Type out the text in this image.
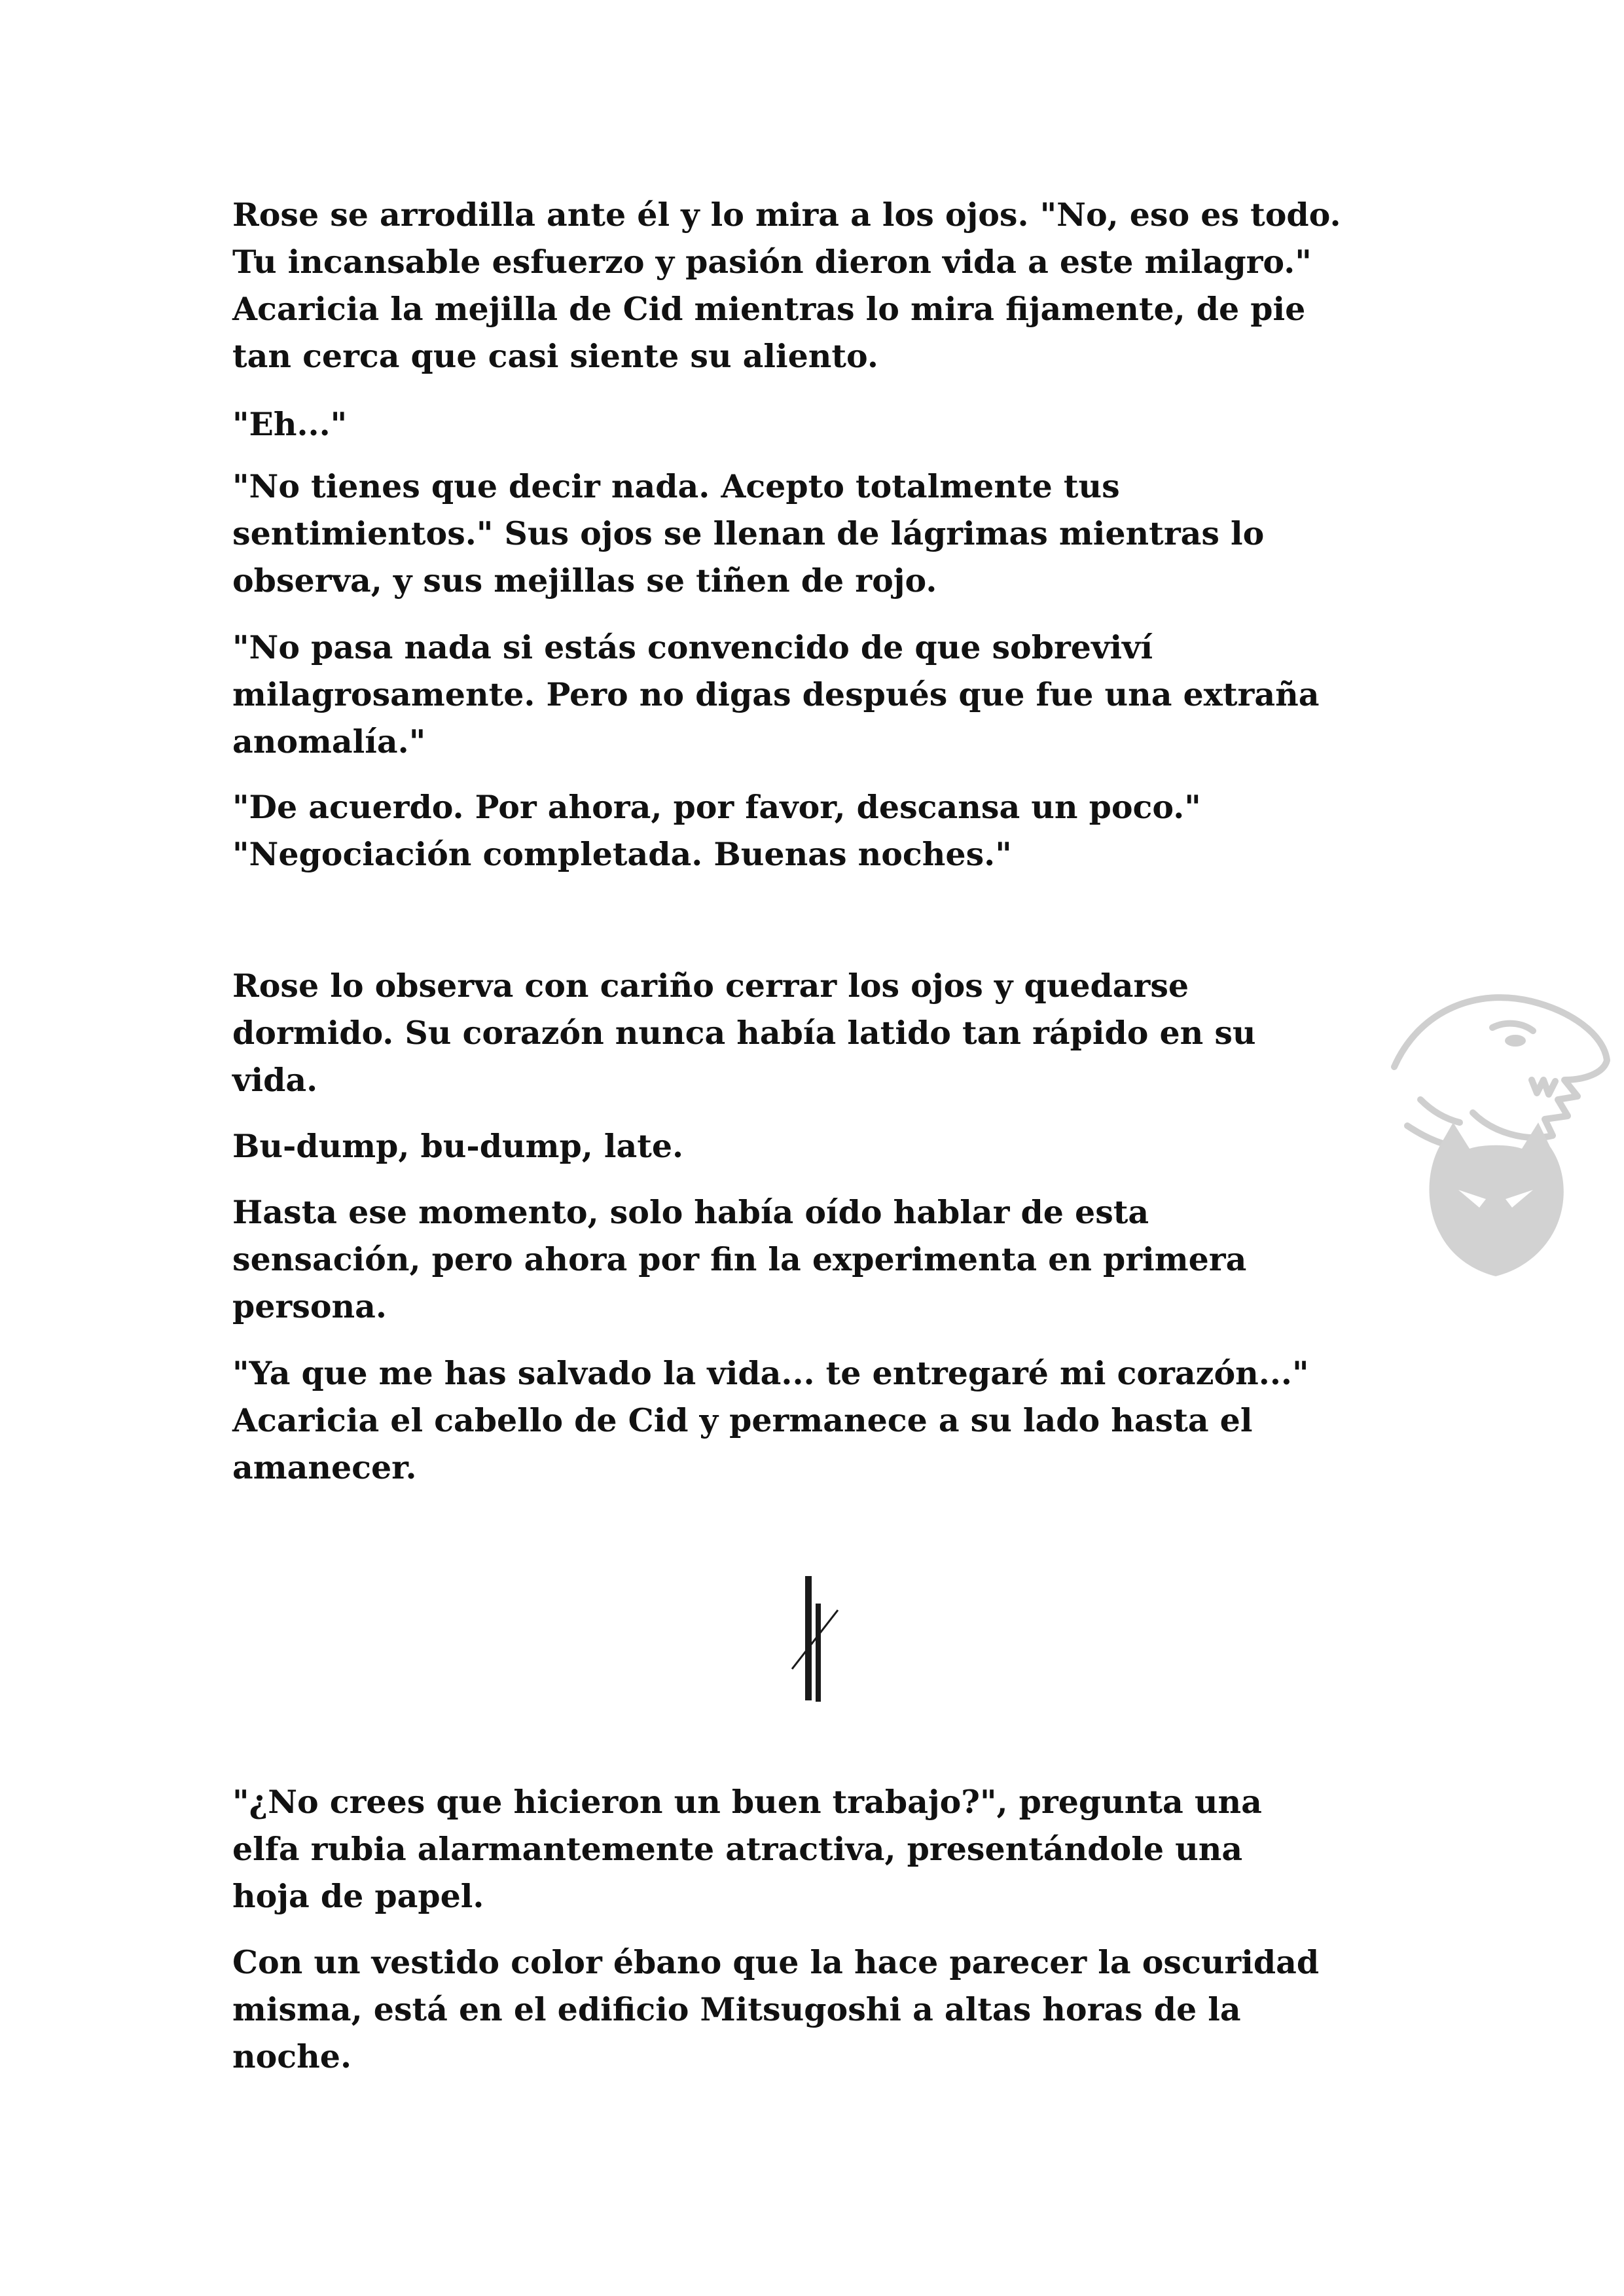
Rose se arrodilla ante él y lo mira a los ojos. "No, eso es todo.
Tu incansable esfuerzo y pasión dieron vida a este milagro."
Acaricia la mejilla de Cid mientras lo mira fijamente, de pie
tan cerca que casi siente su aliento.

"Eh..."

"No tienes que decir nada. Acepto totalmente tus
sentimientos." Sus ojos se llenan de lágrimas mientras lo
observa, y sus mejillas se tiñen de rojo.

"No pasa nada si estás convencido de que sobreviví
milagrosamente. Pero no digas después que fue una extraña
anomalía."

"De acuerdo. Por ahora, por favor, descansa un poco."
"Negociación completada. Buenas noches."

Rose lo observa con cariño cerrar los ojos y quedarse
dormido. Su corazón nunca había latido tan rápido en su
vida.

Bu-dump, bu-dump, late.

Hasta ese momento, solo había oído hablar de esta
sensación, pero ahora por fin la experimenta en primera
persona.

"Ya que me has salvado la vida... te entregaré mi corazón..."
Acaricia el cabello de Cid y permanece a su lado hasta el
amanecer.

"¿No crees que hicieron un buen trabajo?", pregunta una
elfa rubia alarmantemente atractiva, presentándole una
hoja de papel.

Con un vestido color ébano que la hace parecer la oscuridad
misma, está en el edificio Mitsugoshi a altas horas de la
noche.
